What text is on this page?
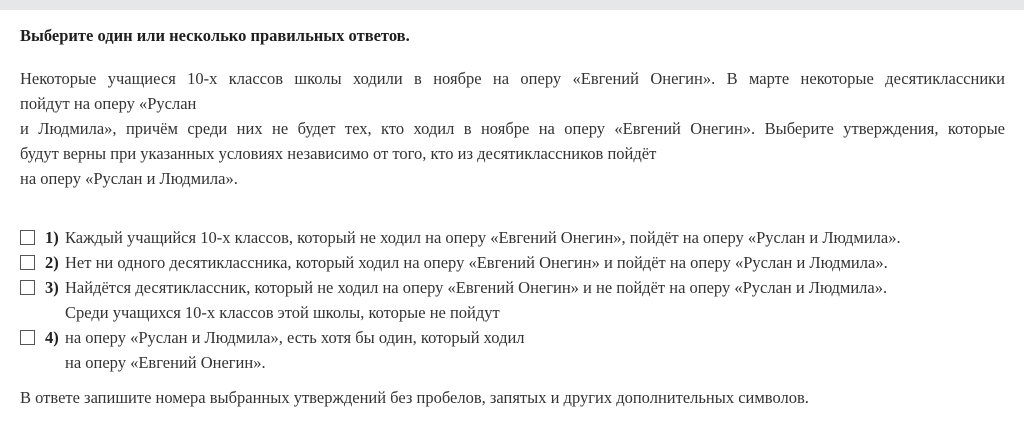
Выберите один или несколько правильных ответов.
Некоторые учащиеся 10-х классов школы ходили в ноябре на оперу «Евгений Онегин». В марте некоторые десятиклассники
пойдут на оперу «Руслан
и Людмила», причём среди них не будет тех, кто ходил в ноябре на оперу «Евгений Онегин». Выберите утверждения, которые
будут верны при указанных условиях независимо от того, кто из десятиклассников пойдёт
на оперу «Руслан и Людмила».
1) Каждый учащийся 10-х классов, который не ходил на оперу «Евгений Онегин», пойдёт на оперу «Руслан и Людмила».
2) Нет ни одного десятиклассника, который ходил на оперу «Евгений Онегин» и пойдёт на оперу «Руслан и Людмила».
3) Найдётся десятиклассник, который не ходил на оперу «Евгений Онегин» и не пойдёт на оперу «Руслан и Людмила».
Среди учащихся 10-х классов этой школы, которые не пойдут
4) на оперу «Руслан и Людмила», есть хотя бы один, который ходил
на оперу «Евгений Онегин».
В ответе запишите номера выбранных утверждений без пробелов, запятых и других дополнительных символов.
